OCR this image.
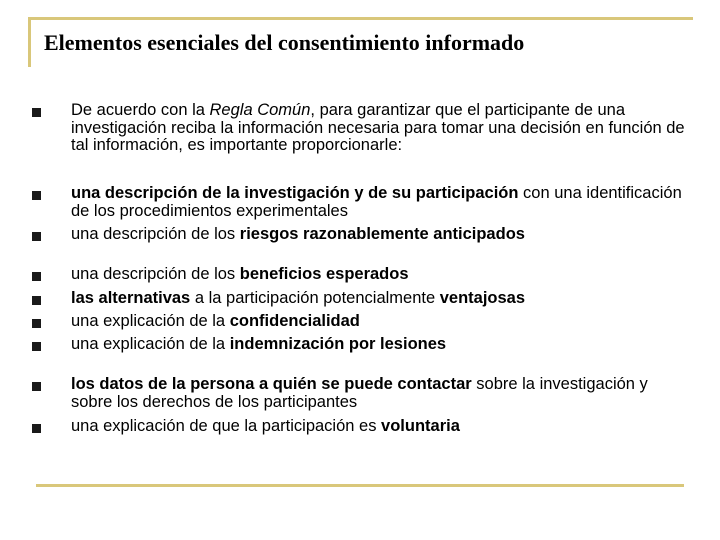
Elementos esenciales del consentimiento informado
De acuerdo con la Regla Común, para garantizar que el participante de una investigación reciba la información necesaria para tomar una decisión en función de tal información, es importante proporcionarle:
una descripción de la investigación y de su participación con una identificación de los procedimientos experimentales
una descripción de los riesgos razonablemente anticipados
una descripción de los beneficios esperados
las alternativas a la participación potencialmente ventajosas
una explicación de la confidencialidad
una explicación de la indemnización por lesiones
los datos de la persona a quién se puede contactar sobre la investigación y sobre los derechos de los participantes
una explicación de que la participación es voluntaria
